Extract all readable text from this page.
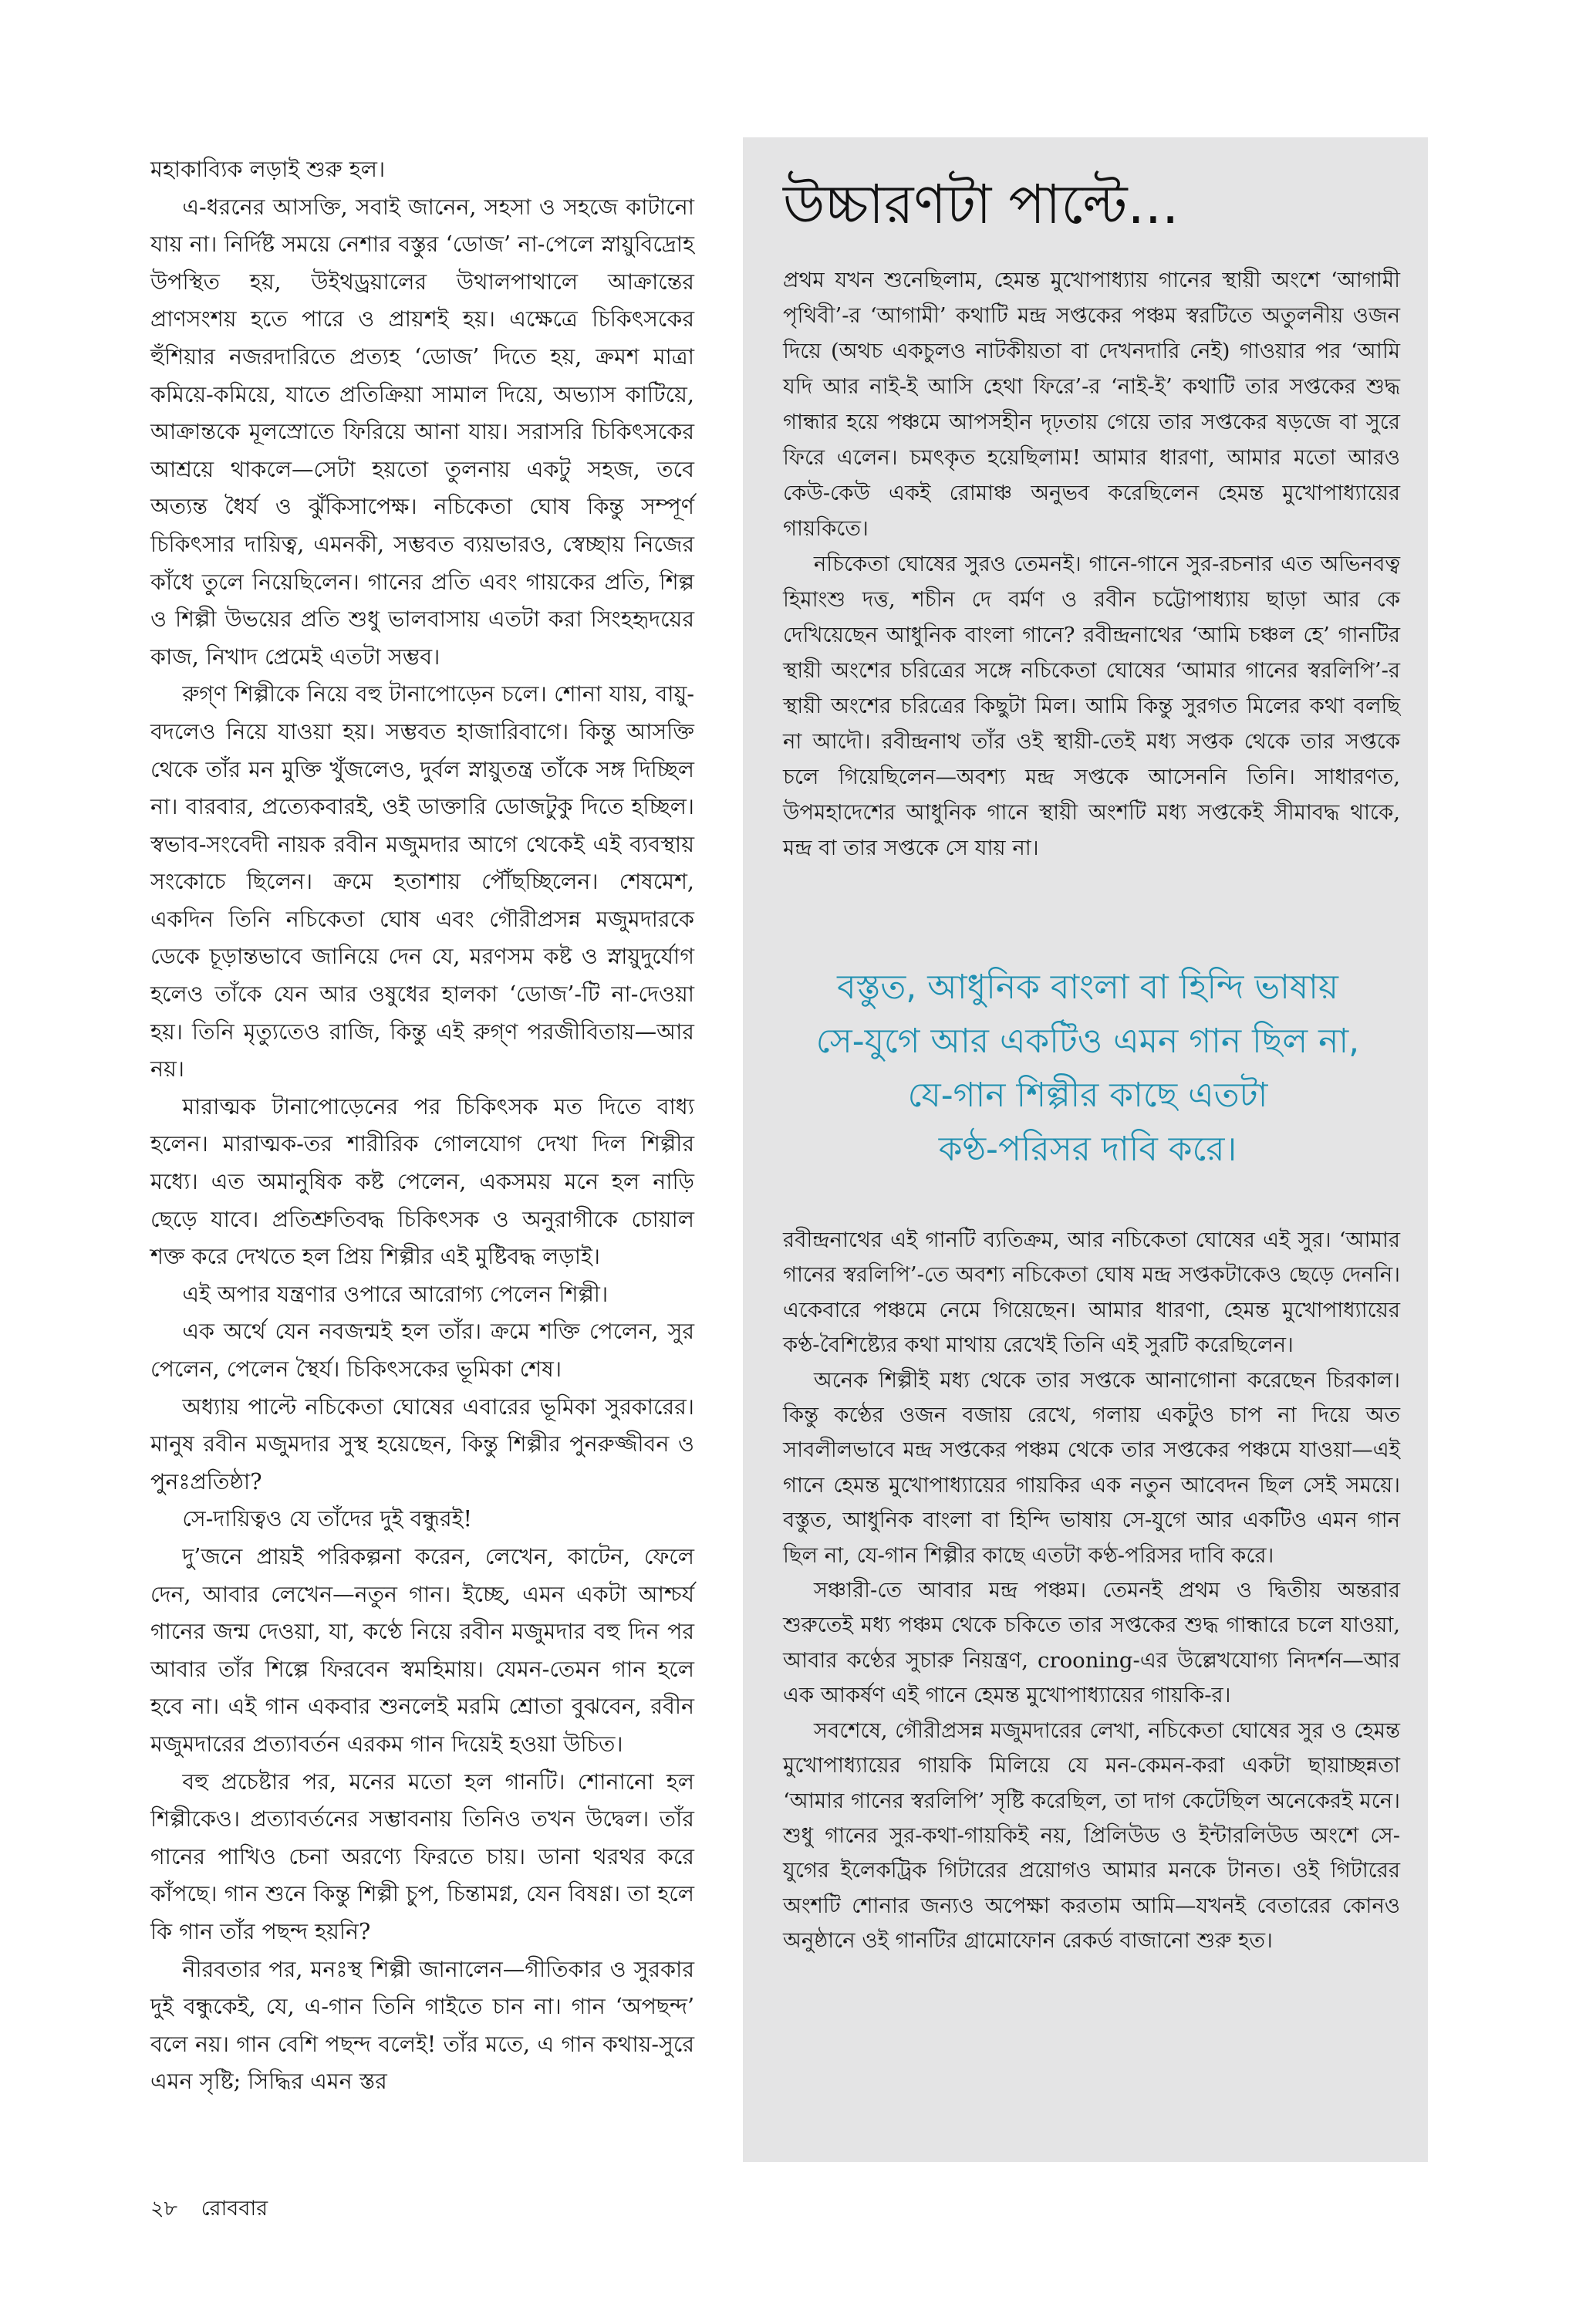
মহাকাব্যিক লড়াই শুরু হল।

এ-ধরনের আসক্তি, সবাই জানেন, সহসা ও সহজে কাটানো যায় না। নির্দিষ্ট সময়ে নেশার বস্তুর ‘ডোজ’ না-পেলে স্নায়ুবিদ্রোহ উপস্থিত হয়, উইথড্রয়ালের উথালপাথালে আক্রান্তের প্রাণসংশয় হতে পারে ও প্রায়শই হয়। এক্ষেত্রে চিকিৎসকের হুঁশিয়ার নজরদারিতে প্রত্যহ ‘ডোজ’ দিতে হয়, ক্রমশ মাত্রা কমিয়ে-কমিয়ে, যাতে প্রতিক্রিয়া সামাল দিয়ে, অভ্যাস কাটিয়ে, আক্রান্তকে মূলস্রোতে ফিরিয়ে আনা যায়। সরাসরি চিকিৎসকের আশ্রয়ে থাকলে—সেটা হয়তো তুলনায় একটু সহজ, তবে অত্যন্ত ধৈর্য ও ঝুঁকিসাপেক্ষ। নচিকেতা ঘোষ কিন্তু সম্পূর্ণ চিকিৎসার দায়িত্ব, এমনকী, সম্ভবত ব্যয়ভারও, স্বেচ্ছায় নিজের কাঁধে তুলে নিয়েছিলেন। গানের প্রতি এবং গায়কের প্রতি, শিল্প ও শিল্পী উভয়ের প্রতি শুধু ভালবাসায় এতটা করা সিংহহৃদয়ের কাজ, নিখাদ প্রেমেই এতটা সম্ভব।

রুগ্‌ণ শিল্পীকে নিয়ে বহু টানাপোড়েন চলে। শোনা যায়, বায়ু-বদলেও নিয়ে যাওয়া হয়। সম্ভবত হাজারিবাগে। কিন্তু আসক্তি থেকে তাঁর মন মুক্তি খুঁজলেও, দুর্বল স্নায়ুতন্ত্র তাঁকে সঙ্গ দিচ্ছিল না। বারবার, প্রত্যেকবারই, ওই ডাক্তারি ডোজটুকু দিতে হচ্ছিল। স্বভাব-সংবেদী নায়ক রবীন মজুমদার আগে থেকেই এই ব্যবস্থায় সংকোচে ছিলেন। ক্রমে হতাশায় পৌঁছচ্ছিলেন। শেষমেশ, একদিন তিনি নচিকেতা ঘোষ এবং গৌরীপ্রসন্ন মজুমদারকে ডেকে চূড়ান্তভাবে জানিয়ে দেন যে, মরণসম কষ্ট ও স্নায়ুদুর্যোগ হলেও তাঁকে যেন আর ওষুধের হালকা ‘ডোজ’-টি না-দেওয়া হয়। তিনি মৃত্যুতেও রাজি, কিন্তু এই রুগ্‌ণ পরজীবিতায়—আর নয়।

মারাত্মক টানাপোড়েনের পর চিকিৎসক মত দিতে বাধ্য হলেন। মারাত্মক-তর শারীরিক গোলযোগ দেখা দিল শিল্পীর মধ্যে। এত অমানুষিক কষ্ট পেলেন, একসময় মনে হল নাড়ি ছেড়ে যাবে। প্রতিশ্রুতিবদ্ধ চিকিৎসক ও অনুরাগীকে চোয়াল শক্ত করে দেখতে হল প্রিয় শিল্পীর এই মুষ্টিবদ্ধ লড়াই।

এই অপার যন্ত্রণার ওপারে আরোগ্য পেলেন শিল্পী।

এক অর্থে যেন নবজন্মই হল তাঁর। ক্রমে শক্তি পেলেন, সুর পেলেন, পেলেন স্থৈর্য। চিকিৎসকের ভূমিকা শেষ।

অধ্যায় পাল্টে নচিকেতা ঘোষের এবারের ভূমিকা সুরকারের। মানুষ রবীন মজুমদার সুস্থ হয়েছেন, কিন্তু শিল্পীর পুনরুজ্জীবন ও পুনঃপ্রতিষ্ঠা?

সে-দায়িত্বও যে তাঁদের দুই বন্ধুরই!

দু’জনে প্রায়ই পরিকল্পনা করেন, লেখেন, কাটেন, ফেলে দেন, আবার লেখেন—নতুন গান। ইচ্ছে, এমন একটা আশ্চর্য গানের জন্ম দেওয়া, যা, কণ্ঠে নিয়ে রবীন মজুমদার বহু দিন পর আবার তাঁর শিল্পে ফিরবেন স্বমহিমায়। যেমন-তেমন গান হলে হবে না। এই গান একবার শুনলেই মরমি শ্রোতা বুঝবেন, রবীন মজুমদারের প্রত্যাবর্তন এরকম গান দিয়েই হওয়া উচিত।

বহু প্রচেষ্টার পর, মনের মতো হল গানটি। শোনানো হল শিল্পীকেও। প্রত্যাবর্তনের সম্ভাবনায় তিনিও তখন উদ্বেল। তাঁর গানের পাখিও চেনা অরণ্যে ফিরতে চায়। ডানা থরথর করে কাঁপছে। গান শুনে কিন্তু শিল্পী চুপ, চিন্তামগ্ন, যেন বিষণ্ণ। তা হলে কি গান তাঁর পছন্দ হয়নি?

নীরবতার পর, মনঃস্থ শিল্পী জানালেন—গীতিকার ও সুরকার দুই বন্ধুকেই, যে, এ-গান তিনি গাইতে চান না। গান ‘অপছন্দ’ বলে নয়। গান বেশি পছন্দ বলেই! তাঁর মতে, এ গান কথায়-সুরে এমন সৃষ্টি; সিদ্ধির এমন স্তর

উচ্চারণটা পাল্টে...

প্রথম যখন শুনেছিলাম, হেমন্ত মুখোপাধ্যায় গানের স্থায়ী অংশে ‘আগামী পৃথিবী’-র ‘আগামী’ কথাটি মন্দ্র সপ্তকের পঞ্চম স্বরটিতে অতুলনীয় ওজন দিয়ে (অথচ একচুলও নাটকীয়তা বা দেখনদারি নেই) গাওয়ার পর ‘আমি যদি আর নাই-ই আসি হেথা ফিরে’-র ‘নাই-ই’ কথাটি তার সপ্তকের শুদ্ধ গান্ধার হয়ে পঞ্চমে আপসহীন দৃঢ়তায় গেয়ে তার সপ্তকের ষড়জে বা সুরে ফিরে এলেন। চমৎকৃত হয়েছিলাম! আমার ধারণা, আমার মতো আরও কেউ-কেউ একই রোমাঞ্চ অনুভব করেছিলেন হেমন্ত মুখোপাধ্যায়ের গায়কিতে।

নচিকেতা ঘোষের সুরও তেমনই। গানে-গানে সুর-রচনার এত অভিনবত্ব হিমাংশু দত্ত, শচীন দে বর্মণ ও রবীন চট্টোপাধ্যায় ছাড়া আর কে দেখিয়েছেন আধুনিক বাংলা গানে? রবীন্দ্রনাথের ‘আমি চঞ্চল হে’ গানটির স্থায়ী অংশের চরিত্রের সঙ্গে নচিকেতা ঘোষের ‘আমার গানের স্বরলিপি’-র স্থায়ী অংশের চরিত্রের কিছুটা মিল। আমি কিন্তু সুরগত মিলের কথা বলছি না আদৌ। রবীন্দ্রনাথ তাঁর ওই স্থায়ী-তেই মধ্য সপ্তক থেকে তার সপ্তকে চলে গিয়েছিলেন—অবশ্য মন্দ্র সপ্তকে আসেননি তিনি। সাধারণত, উপমহাদেশের আধুনিক গানে স্থায়ী অংশটি মধ্য সপ্তকেই সীমাবদ্ধ থাকে, মন্দ্র বা তার সপ্তকে সে যায় না।

বস্তুত, আধুনিক বাংলা বা হিন্দি ভাষায়
সে-যুগে আর একটিও এমন গান ছিল না,
যে-গান শিল্পীর কাছে এতটা
কণ্ঠ-পরিসর দাবি করে।

রবীন্দ্রনাথের এই গানটি ব্যতিক্রম, আর নচিকেতা ঘোষের এই সুর। ‘আমার গানের স্বরলিপি’-তে অবশ্য নচিকেতা ঘোষ মন্দ্র সপ্তকটাকেও ছেড়ে দেননি। একেবারে পঞ্চমে নেমে গিয়েছেন। আমার ধারণা, হেমন্ত মুখোপাধ্যায়ের কণ্ঠ-বৈশিষ্ট্যের কথা মাথায় রেখেই তিনি এই সুরটি করেছিলেন।

অনেক শিল্পীই মধ্য থেকে তার সপ্তকে আনাগোনা করেছেন চিরকাল। কিন্তু কণ্ঠের ওজন বজায় রেখে, গলায় একটুও চাপ না দিয়ে অত সাবলীলভাবে মন্দ্র সপ্তকের পঞ্চম থেকে তার সপ্তকের পঞ্চমে যাওয়া—এই গানে হেমন্ত মুখোপাধ্যায়ের গায়কির এক নতুন আবেদন ছিল সেই সময়ে। বস্তুত, আধুনিক বাংলা বা হিন্দি ভাষায় সে-যুগে আর একটিও এমন গান ছিল না, যে-গান শিল্পীর কাছে এতটা কণ্ঠ-পরিসর দাবি করে।

সঞ্চারী-তে আবার মন্দ্র পঞ্চম। তেমনই প্রথম ও দ্বিতীয় অন্তরার শুরুতেই মধ্য পঞ্চম থেকে চকিতে তার সপ্তকের শুদ্ধ গান্ধারে চলে যাওয়া, আবার কণ্ঠের সুচারু নিয়ন্ত্রণ, crooning-এর উল্লেখযোগ্য নিদর্শন—আর এক আকর্ষণ এই গানে হেমন্ত মুখোপাধ্যায়ের গায়কি-র।

সবশেষে, গৌরীপ্রসন্ন মজুমদারের লেখা, নচিকেতা ঘোষের সুর ও হেমন্ত মুখোপাধ্যায়ের গায়কি মিলিয়ে যে মন-কেমন-করা একটা ছায়াচ্ছন্নতা ‘আমার গানের স্বরলিপি’ সৃষ্টি করেছিল, তা দাগ কেটেছিল অনেকেরই মনে। শুধু গানের সুর-কথা-গায়কিই নয়, প্রিলিউড ও ইন্টারলিউড অংশে সে-যুগের ইলেকট্রিক গিটারের প্রয়োগও আমার মনকে টানত। ওই গিটারের অংশটি শোনার জন্যও অপেক্ষা করতাম আমি—যখনই বেতারের কোনও অনুষ্ঠানে ওই গানটির গ্রামোফোন রেকর্ড বাজানো শুরু হত।

২৮ রোববার
